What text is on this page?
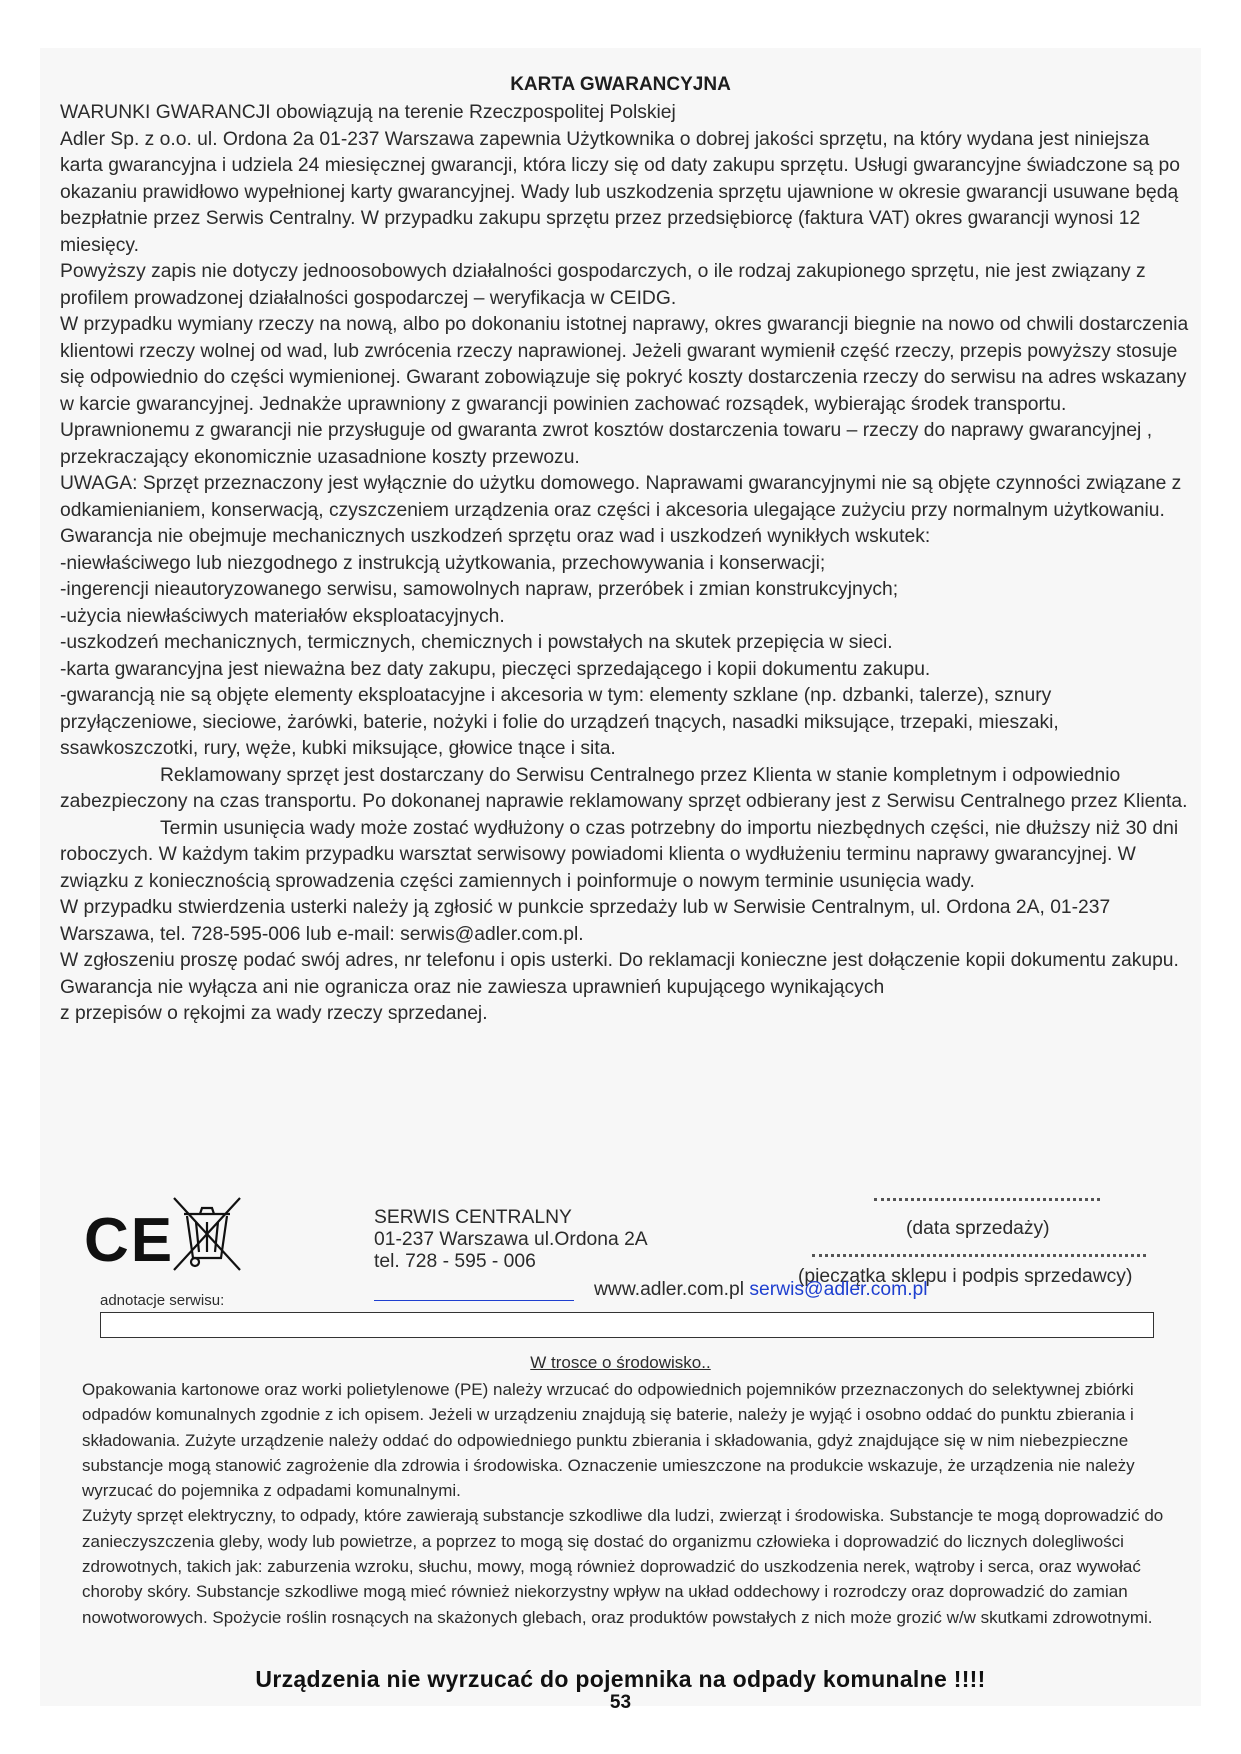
KARTA GWARANCYJNA

WARUNKI GWARANCJI obowiązują na terenie Rzeczpospolitej Polskiej

Adler Sp. z o.o. ul. Ordona 2a 01-237 Warszawa zapewnia Użytkownika o dobrej jakości sprzętu, na który wydana jest niniejsza karta gwarancyjna i udziela 24 miesięcznej gwarancji, która liczy się od daty zakupu sprzętu. Usługi gwarancyjne świadczone są po okazaniu prawidłowo wypełnionej karty gwarancyjnej. Wady lub uszkodzenia sprzętu ujawnione w okresie gwarancji usuwane będą bezpłatnie przez Serwis Centralny. W przypadku zakupu sprzętu przez przedsiębiorcę (faktura VAT) okres gwarancji wynosi 12 miesięcy.

Powyższy zapis nie dotyczy jednoosobowych działalności gospodarczych, o ile rodzaj zakupionego sprzętu, nie jest związany z profilem prowadzonej działalności gospodarczej – weryfikacja w CEIDG.

W przypadku wymiany rzeczy na nową, albo po dokonaniu istotnej naprawy, okres gwarancji biegnie na nowo od chwili dostarczenia klientowi rzeczy wolnej od wad, lub zwrócenia rzeczy naprawionej. Jeżeli gwarant wymienił część rzeczy, przepis powyższy stosuje się odpowiednio do części wymienionej. Gwarant zobowiązuje się pokryć koszty dostarczenia rzeczy do serwisu na adres wskazany w karcie gwarancyjnej. Jednakże uprawniony z gwarancji powinien zachować rozsądek, wybierając środek transportu. Uprawnionemu z gwarancji nie przysługuje od gwaranta zwrot kosztów dostarczenia towaru – rzeczy do naprawy gwarancyjnej , przekraczający ekonomicznie uzasadnione koszty przewozu.

UWAGA: Sprzęt przeznaczony jest wyłącznie do użytku domowego. Naprawami gwarancyjnymi nie są objęte czynności związane z odkamienianiem, konserwacją, czyszczeniem urządzenia oraz części i akcesoria ulegające zużyciu przy normalnym użytkowaniu. Gwarancja nie obejmuje mechanicznych uszkodzeń sprzętu oraz wad i uszkodzeń wynikłych wskutek:

-niewłaściwego lub niezgodnego z instrukcją użytkowania, przechowywania i konserwacji;

-ingerencji nieautoryzowanego serwisu, samowolnych napraw, przeróbek i zmian konstrukcyjnych;

-użycia niewłaściwych materiałów eksploatacyjnych.

-uszkodzeń mechanicznych, termicznych, chemicznych i powstałych na skutek przepięcia w sieci.

-karta gwarancyjna jest nieważna bez daty zakupu, pieczęci sprzedającego i kopii dokumentu zakupu.

-gwarancją nie są objęte elementy eksploatacyjne i akcesoria w tym: elementy szklane (np. dzbanki, talerze), sznury przyłączeniowe, sieciowe, żarówki, baterie, nożyki i folie do urządzeń tnących, nasadki miksujące, trzepaki, mieszaki, ssawkoszczotki, rury, węże, kubki miksujące, głowice tnące i sita.

Reklamowany sprzęt jest dostarczany do Serwisu Centralnego przez Klienta w stanie kompletnym i odpowiednio zabezpieczony na czas transportu. Po dokonanej naprawie reklamowany sprzęt odbierany jest z Serwisu Centralnego przez Klienta.

Termin usunięcia wady może zostać wydłużony o czas potrzebny do importu niezbędnych części, nie dłuższy niż 30 dni roboczych. W każdym takim przypadku warsztat serwisowy powiadomi klienta o wydłużeniu terminu naprawy gwarancyjnej. W związku z koniecznością sprowadzenia części zamiennych i poinformuje o nowym terminie usunięcia wady.

W przypadku stwierdzenia usterki należy ją zgłosić w punkcie sprzedaży lub w Serwisie Centralnym, ul. Ordona 2A, 01-237 Warszawa, tel. 728-595-006 lub e-mail: serwis@adler.com.pl.

W zgłoszeniu proszę podać swój adres, nr telefonu i opis usterki. Do reklamacji konieczne jest dołączenie kopii dokumentu zakupu.

Gwarancja nie wyłącza ani nie ogranicza oraz nie zawiesza uprawnień kupującego wynikających

z przepisów o rękojmi za wady rzeczy sprzedanej.

CE	SERWIS CENTRALNY
01-237 Warszawa ul.Ordona 2A
tel. 728 - 595 - 006
(data sprzedaży)
(pieczątka sklepu i podpis sprzedawcy)
www.adler.com.pl serwis@adler.com.pl
adnotacje serwisu:
W trosce o środowisko..

Opakowania kartonowe oraz worki polietylenowe (PE) należy wrzucać do odpowiednich pojemników przeznaczonych do selektywnej zbiórki odpadów komunalnych zgodnie z ich opisem. Jeżeli w urządzeniu znajdują się baterie, należy je wyjąć i osobno oddać do punktu zbierania i składowania. Zużyte urządzenie należy oddać do odpowiedniego punktu zbierania i składowania, gdyż znajdujące się w nim niebezpieczne substancje mogą stanowić zagrożenie dla zdrowia i środowiska. Oznaczenie umieszczone na produkcie wskazuje, że urządzenia nie należy wyrzucać do pojemnika z odpadami komunalnymi.

Zużyty sprzęt elektryczny, to odpady, które zawierają substancje szkodliwe dla ludzi, zwierząt i środowiska. Substancje te mogą doprowadzić do zanieczyszczenia gleby, wody lub powietrze, a poprzez to mogą się dostać do organizmu człowieka i doprowadzić do licznych dolegliwości zdrowotnych, takich jak: zaburzenia wzroku, słuchu, mowy, mogą również doprowadzić do uszkodzenia nerek, wątroby i serca, oraz wywołać choroby skóry. Substancje szkodliwe mogą mieć również niekorzystny wpływ na układ oddechowy i rozrodczy oraz doprowadzić do zamian nowotworowych. Spożycie roślin rosnących na skażonych glebach, oraz produktów powstałych z nich może grozić w/w skutkami zdrowotnymi.

Urządzenia nie wyrzucać do pojemnika na odpady komunalne !!!!
53
